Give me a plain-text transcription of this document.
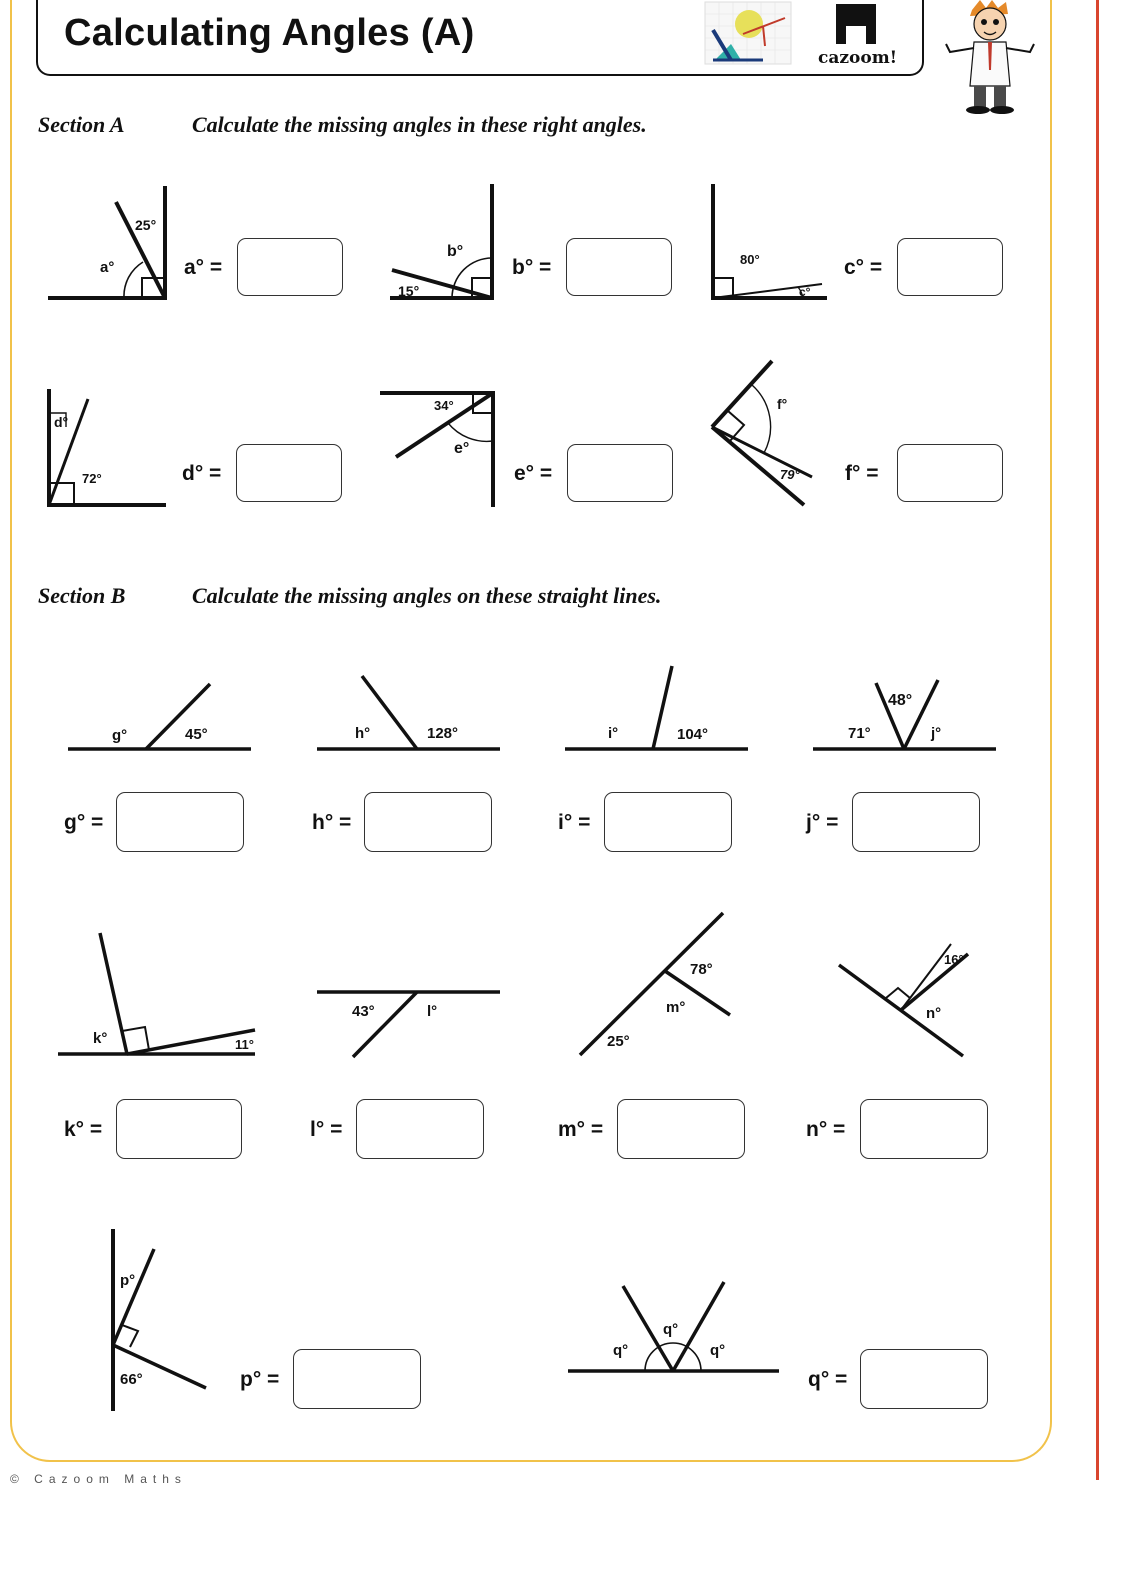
Calculating Angles (A)
cazoom!
Section A	Calculate the missing angles in these right angles.
25°
a°	a° =
15°
b°
b° =	80°
c°
c° =
d°
72°	d° =
34°
e°
e° =
f°
79° f° =
Section B	Calculate the missing angles on these straight lines.
g°	45°
g° =
h°	128°
h° =
i°	104°
i° =
71°
48°
j°
j° =
k°	11°
k° =
43°	l°
l° =
25°
78°
m°
m° =
16°
n°
n° =
p°
66°	p° =
q°
q°
q°
q° =
© Cazoom Maths
